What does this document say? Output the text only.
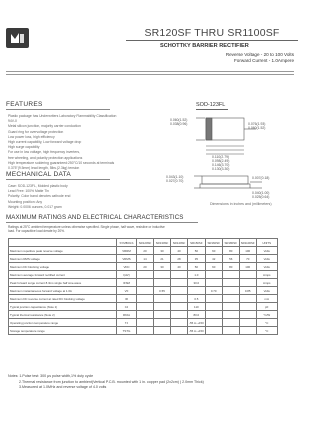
SR120SF THRU SR1100SF
SCHOTTKY BARRIER RECTIFIER
Reverse Voltage - 20 to 100 Volts
Forward Current - 1.0Ampere
FEATURES
Plastic package has Underwriters Laboratory Flammability Classification 94V-0
Metal silicon junction, majority carrier conduction
Guard ring for overvoltage protection
Low power loss, high efficiency
High current capability, Low forward voltage drop
High surge capability
For use in low voltage, high frequency inverters,
free wheeling, and polarity protection applications
High temperature soldering guaranteed:250°C/10 seconds at terminals
0.375"(9.5mm) lead length, 5lbs.(2.3kg) tension
MECHANICAL DATA
Case: SOD-123FL, Molded plastic body
Lead Free: 100% Matte Tin
Polarity: Color band denotes cathode end
Mounting position: Any
Weight: 0.0006 ounces, 0.017 gram
SOD-123FL
0.060(1.52)
0.038(0.96)	0.076(1.93)
0.060(1.52)
0.110(2.79)
0.098(2.49)
0.146(3.70)
0.130(3.30)
0.043(1.10)
0.027(0.70)
0.007(0.18)
0.040(1.00)
0.025(0.64)
Dimensions in inches and (millimeters)
MAXIMUM RATINGS AND ELECTRICAL CHARACTERISTICS
Ratings at 25°C ambient temperature unless otherwise specified. Single phase, half wave, resistive or inductive
load. For capacitive load derate by 20%.
	SYMBOLS	SR120SF	SR130SF	SR140SF	SR150SF	SR160SF	SR180SF	SR1100SF	UNITS
Maximum repetitive peak reverse voltage	VRRM	20	30	40	50	60	80	100	Volts
Maximum RMS voltage	VRMS	14	21	28	35	42	56	70	Volts
Maximum DC blocking voltage	VDC	20	30	40	50	60	80	100	Volts
Maximum average forward rectified current	I(AV)				1.0				Amps
Peak forward surge current 8.3ms single half sine-wave	IFSM				30.0				Amps
Maximum instantaneous forward voltage at 1.0A	VF		0.55			0.70		0.85	Volts
Maximum DC reverse current at rated DC blocking voltage	IR				0.5				mA
Typical junction capacitance (Note 1)	CJ				110				pF
Typical thermal resistance (Note 2)	RθJA				80.0				°C/W
Operating junction temperature range	TJ				-55 to +150				°C
Storage temperature range	TSTG				-55 to +150				°C
Notes: 1.Pulse test: 300 μs pulse width,1% duty cycle
2.Thermal resistance from junction to ambient(Vertical P.C.B. mounted with 1 in. copper pad (2x2cm) ) 2.0mm Thick)
3.Measured at 1.0MHz and reverse voltage of 4.0 volts
